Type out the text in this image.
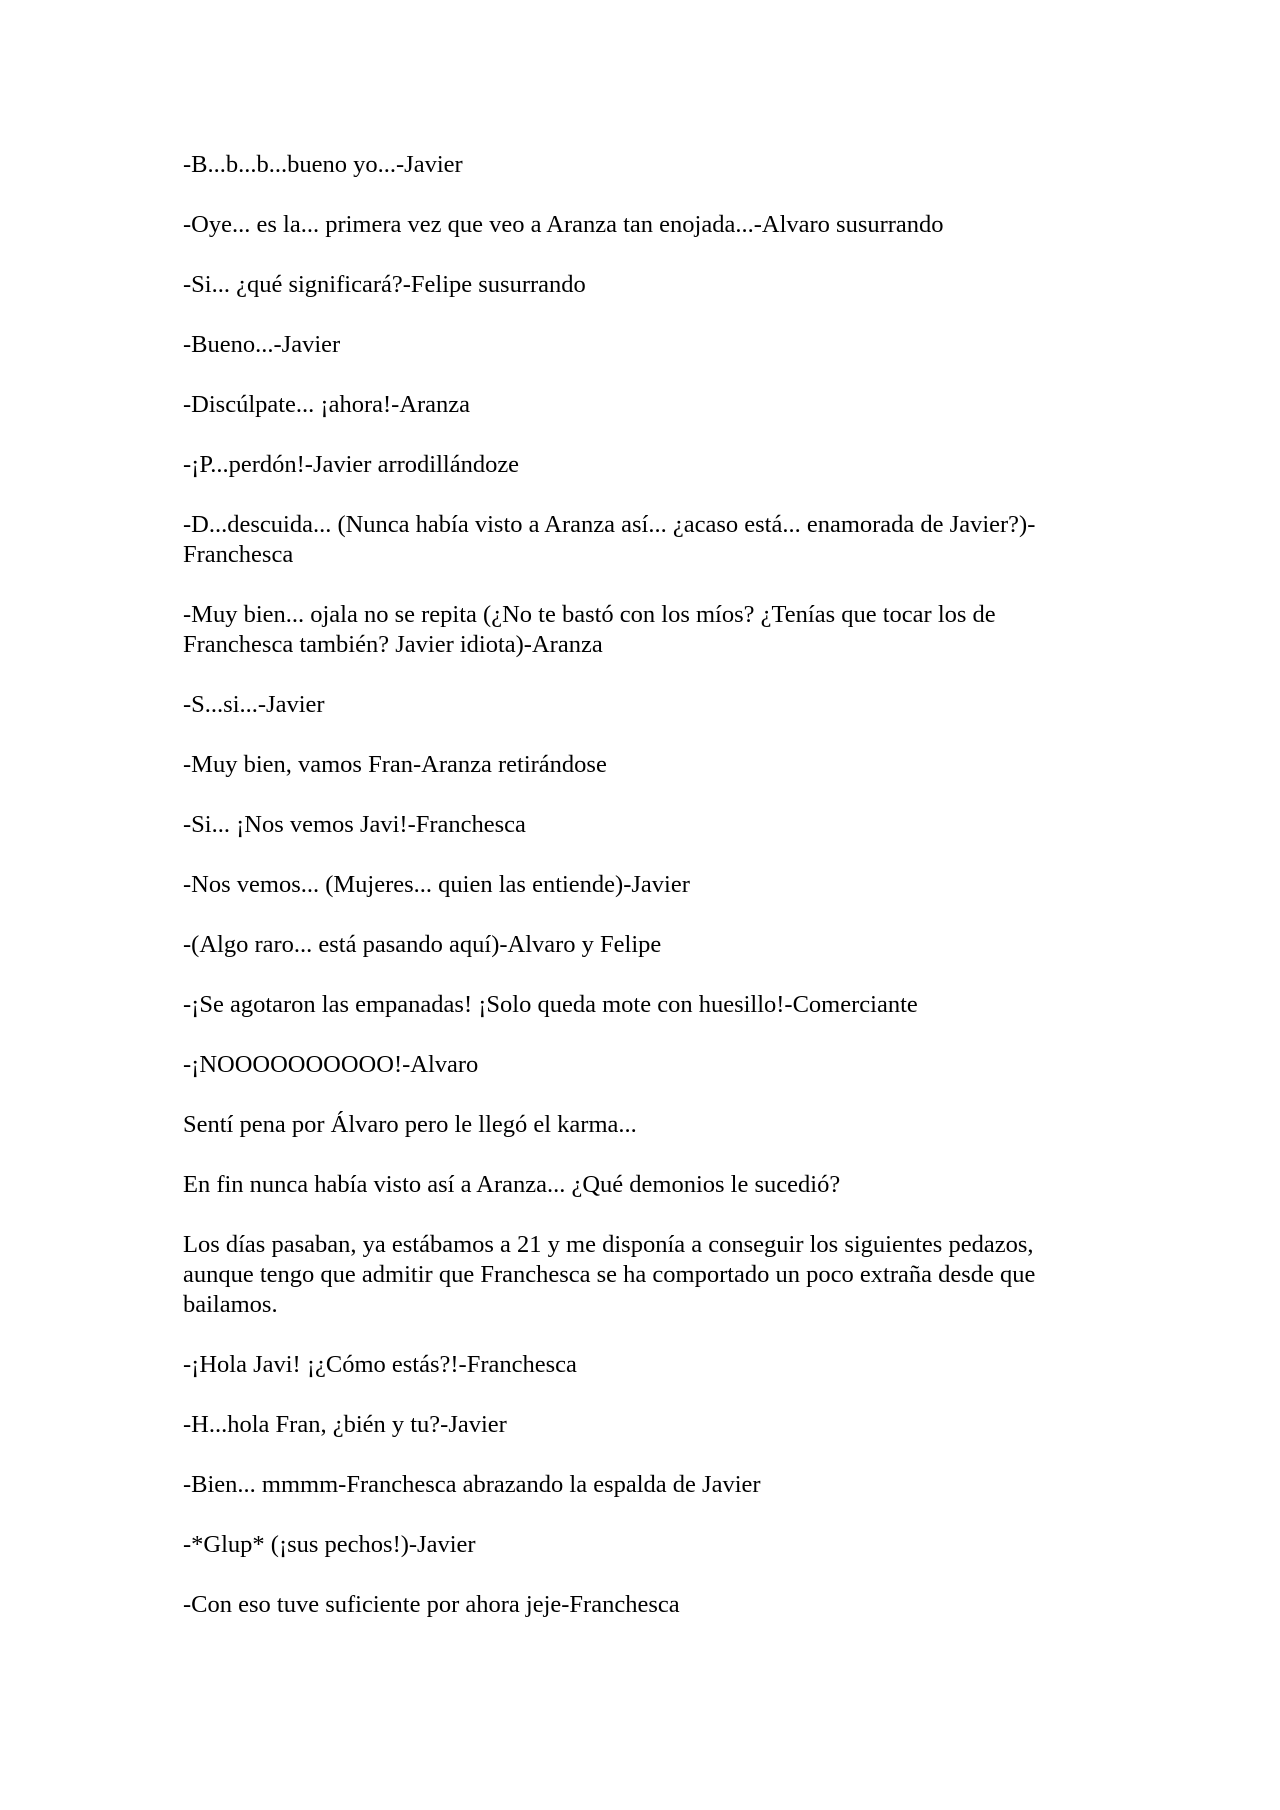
-B...b...b...bueno yo...-Javier

-Oye... es la... primera vez que veo a Aranza tan enojada...-Alvaro susurrando

-Si... ¿qué significará?-Felipe susurrando

-Bueno...-Javier

-Discúlpate... ¡ahora!-Aranza

-¡P...perdón!-Javier arrodillándoze

-D...descuida... (Nunca había visto a Aranza así... ¿acaso está... enamorada de Javier?)-Franchesca

-Muy bien... ojala no se repita (¿No te bastó con los míos? ¿Tenías que tocar los de Franchesca también? Javier idiota)-Aranza

-S...si...-Javier

-Muy bien, vamos Fran-Aranza retirándose

-Si... ¡Nos vemos Javi!-Franchesca

-Nos vemos... (Mujeres... quien las entiende)-Javier

-(Algo raro... está pasando aquí)-Alvaro y Felipe

-¡Se agotaron las empanadas! ¡Solo queda mote con huesillo!-Comerciante

-¡NOOOOOOOOOO!-Alvaro

Sentí pena por Álvaro pero le llegó el karma...

En fin nunca había visto así a Aranza... ¿Qué demonios le sucedió?

Los días pasaban, ya estábamos a 21 y me disponía a conseguir los siguientes pedazos, aunque tengo que admitir que Franchesca se ha comportado un poco extraña desde que bailamos.

-¡Hola Javi! ¡¿Cómo estás?!-Franchesca

-H...hola Fran, ¿bién y tu?-Javier

-Bien... mmmm-Franchesca abrazando la espalda de Javier

-*Glup* (¡sus pechos!)-Javier

-Con eso tuve suficiente por ahora jeje-Franchesca
